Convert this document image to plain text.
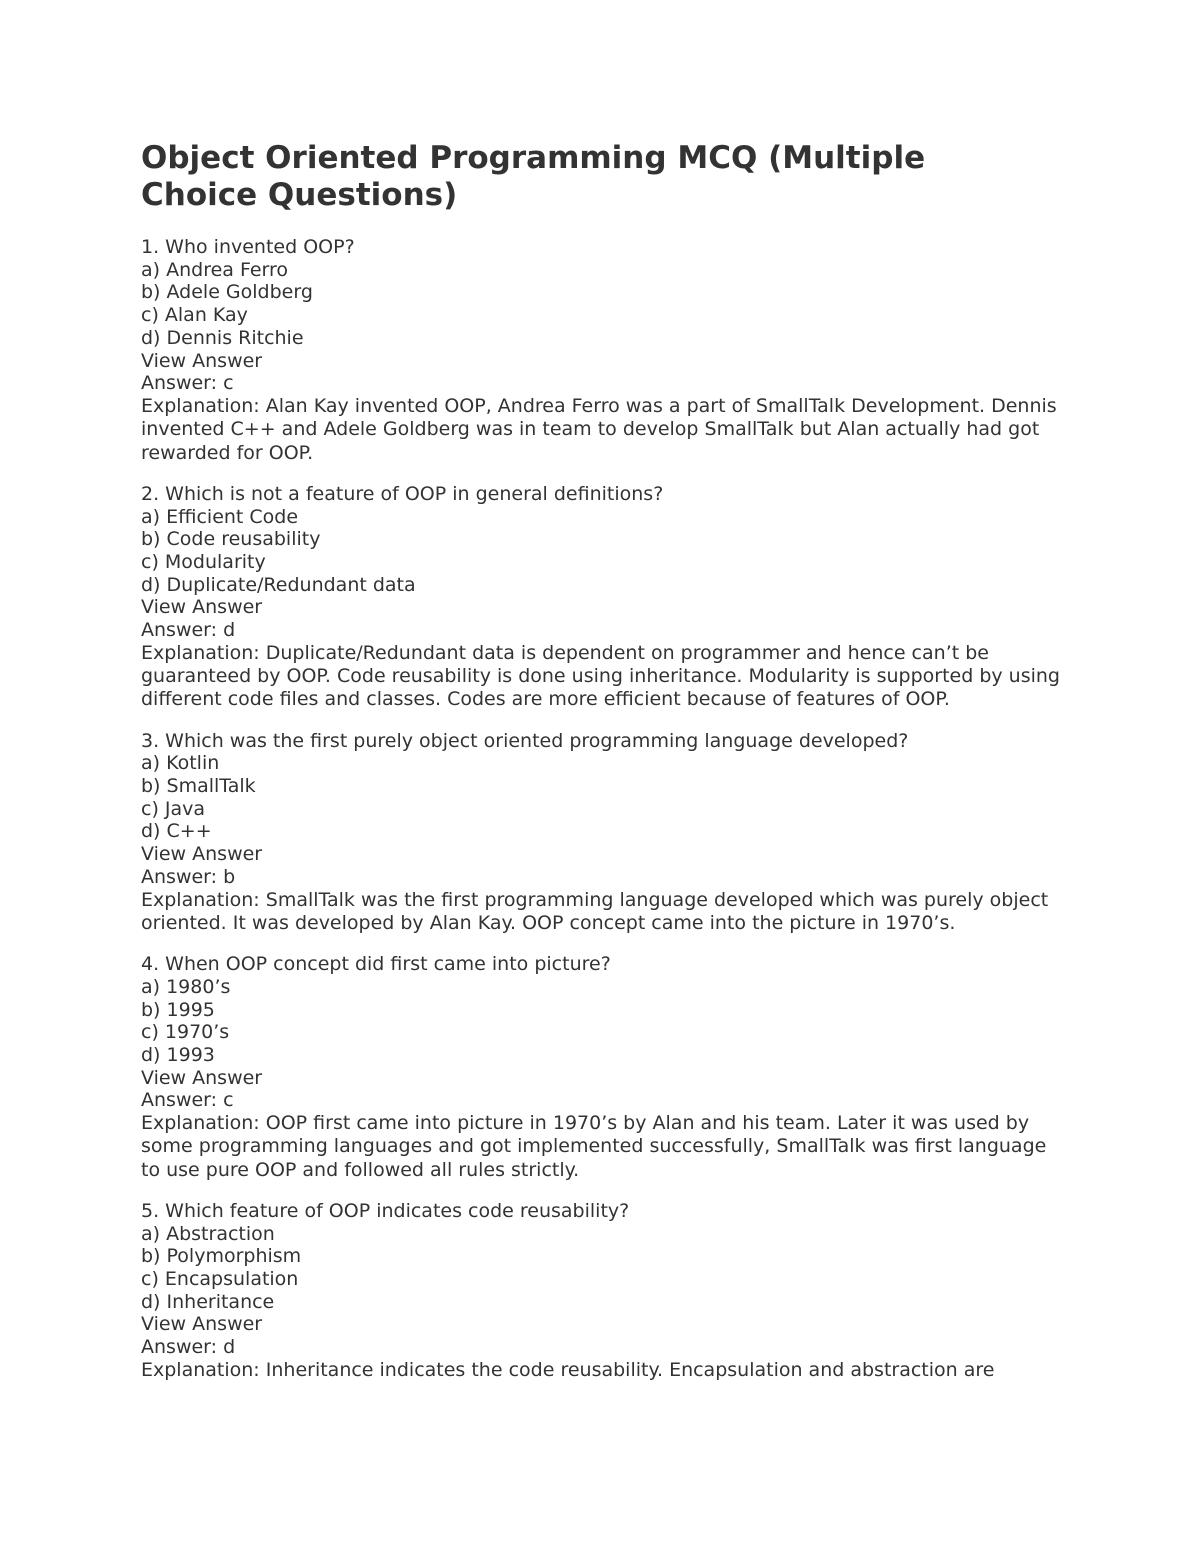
Object Oriented Programming MCQ (Multiple Choice Questions)
1. Who invented OOP?
a) Andrea Ferro
b) Adele Goldberg
c) Alan Kay
d) Dennis Ritchie
View Answer
Answer: c
Explanation: Alan Kay invented OOP, Andrea Ferro was a part of SmallTalk Development. Dennis invented C++ and Adele Goldberg was in team to develop SmallTalk but Alan actually had got rewarded for OOP.
2. Which is not a feature of OOP in general definitions?
a) Efficient Code
b) Code reusability
c) Modularity
d) Duplicate/Redundant data
View Answer
Answer: d
Explanation: Duplicate/Redundant data is dependent on programmer and hence can’t be guaranteed by OOP. Code reusability is done using inheritance. Modularity is supported by using different code files and classes. Codes are more efficient because of features of OOP.
3. Which was the first purely object oriented programming language developed?
a) Kotlin
b) SmallTalk
c) Java
d) C++
View Answer
Answer: b
Explanation: SmallTalk was the first programming language developed which was purely object oriented. It was developed by Alan Kay. OOP concept came into the picture in 1970’s.
4. When OOP concept did first came into picture?
a) 1980’s
b) 1995
c) 1970’s
d) 1993
View Answer
Answer: c
Explanation: OOP first came into picture in 1970’s by Alan and his team. Later it was used by some programming languages and got implemented successfully, SmallTalk was first language to use pure OOP and followed all rules strictly.
5. Which feature of OOP indicates code reusability?
a) Abstraction
b) Polymorphism
c) Encapsulation
d) Inheritance
View Answer
Answer: d
Explanation: Inheritance indicates the code reusability. Encapsulation and abstraction are
